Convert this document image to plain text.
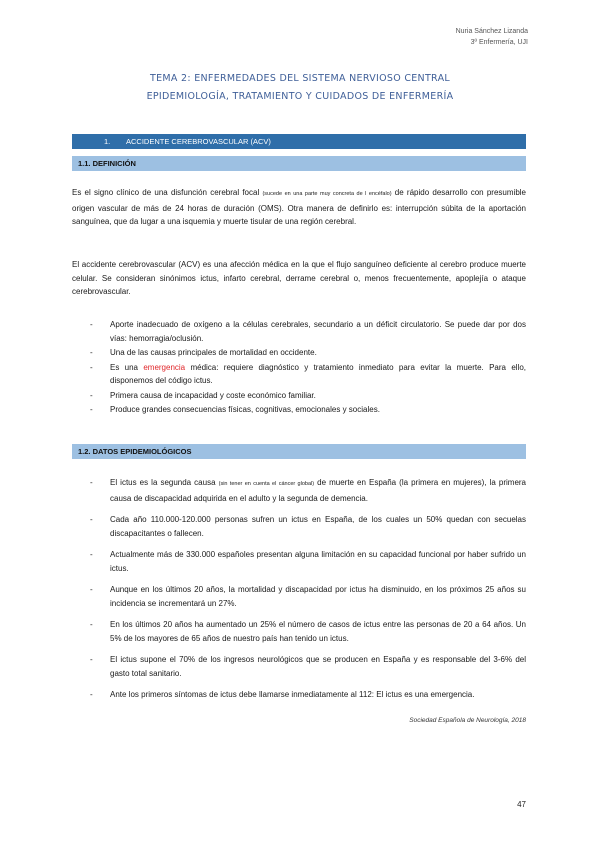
Nuria Sánchez Lizanda
3º Enfermería, UJI
TEMA 2: ENFERMEDADES DEL SISTEMA NERVIOSO CENTRAL
EPIDEMIOLOGÍA, TRATAMIENTO Y CUIDADOS DE ENFERMERÍA
1. ACCIDENTE CEREBROVASCULAR (ACV)
1.1. DEFINICIÓN

Es el signo clínico de una disfunción cerebral focal (sucede en una parte muy concreta de l encéfalo) de rápido desarrollo con presumible origen vascular de más de 24 horas de duración (OMS). Otra manera de definirlo es: interrupción súbita de la aportación sanguínea, que da lugar a una isquemia y muerte tisular de una región cerebral.

El accidente cerebrovascular (ACV) es una afección médica en la que el flujo sanguíneo deficiente al cerebro produce muerte celular. Se consideran sinónimos ictus, infarto cerebral, derrame cerebral o, menos frecuentemente, apoplejía o ataque cerebrovascular.

- Aporte inadecuado de oxígeno a la células cerebrales, secundario a un déficit circulatorio. Se puede dar por dos vías: hemorragia/oclusión.
- Una de las causas principales de mortalidad en occidente.
- Es una emergencia médica: requiere diagnóstico y tratamiento inmediato para evitar la muerte. Para ello, disponemos del código ictus.
- Primera causa de incapacidad y coste económico familiar.
- Produce grandes consecuencias físicas, cognitivas, emocionales y sociales.
1.2. DATOS EPIDEMIOLÓGICOS
- El ictus es la segunda causa (sin tener en cuenta el cáncer global) de muerte en España (la primera en mujeres), la primera causa de discapacidad adquirida en el adulto y la segunda de demencia.
- Cada año 110.000-120.000 personas sufren un ictus en España, de los cuales un 50% quedan con secuelas discapacitantes o fallecen.
- Actualmente más de 330.000 españoles presentan alguna limitación en su capacidad funcional por haber sufrido un ictus.
- Aunque en los últimos 20 años, la mortalidad y discapacidad por ictus ha disminuido, en los próximos 25 años su incidencia se incrementará un 27%.
- En los últimos 20 años ha aumentado un 25% el número de casos de ictus entre las personas de 20 a 64 años. Un 5% de los mayores de 65 años de nuestro país han tenido un ictus.
- El ictus supone el 70% de los ingresos neurológicos que se producen en España y es responsable del 3-6% del gasto total sanitario.
- Ante los primeros síntomas de ictus debe llamarse inmediatamente al 112: El ictus es una emergencia.
Sociedad Española de Neurología, 2018
47
